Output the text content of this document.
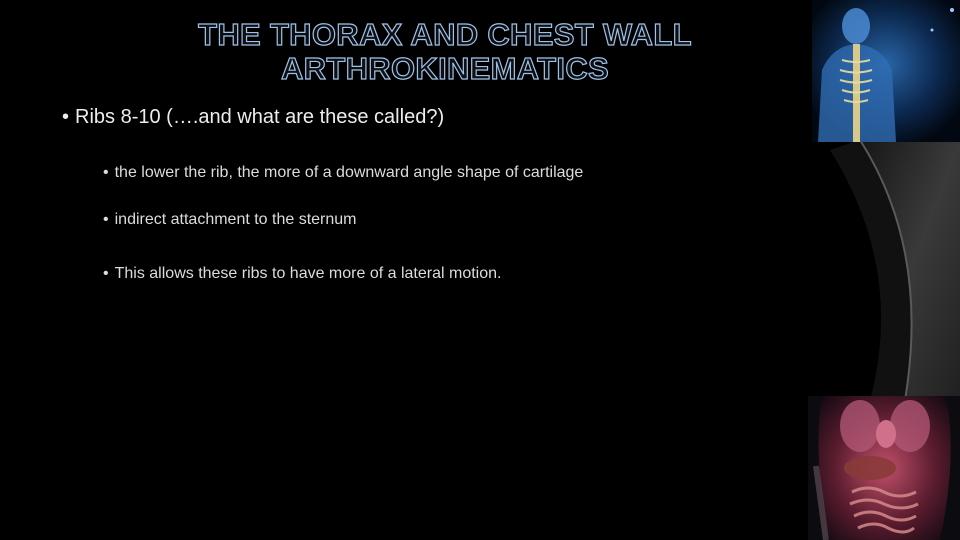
THE THORAX AND CHEST WALL
ARTHROKINEMATICS

• Ribs 8-10 (….and what are these called?)

• the lower the rib, the more of a downward angle shape of cartilage

• indirect attachment to the sternum

• This allows these ribs to have more of a lateral motion.
